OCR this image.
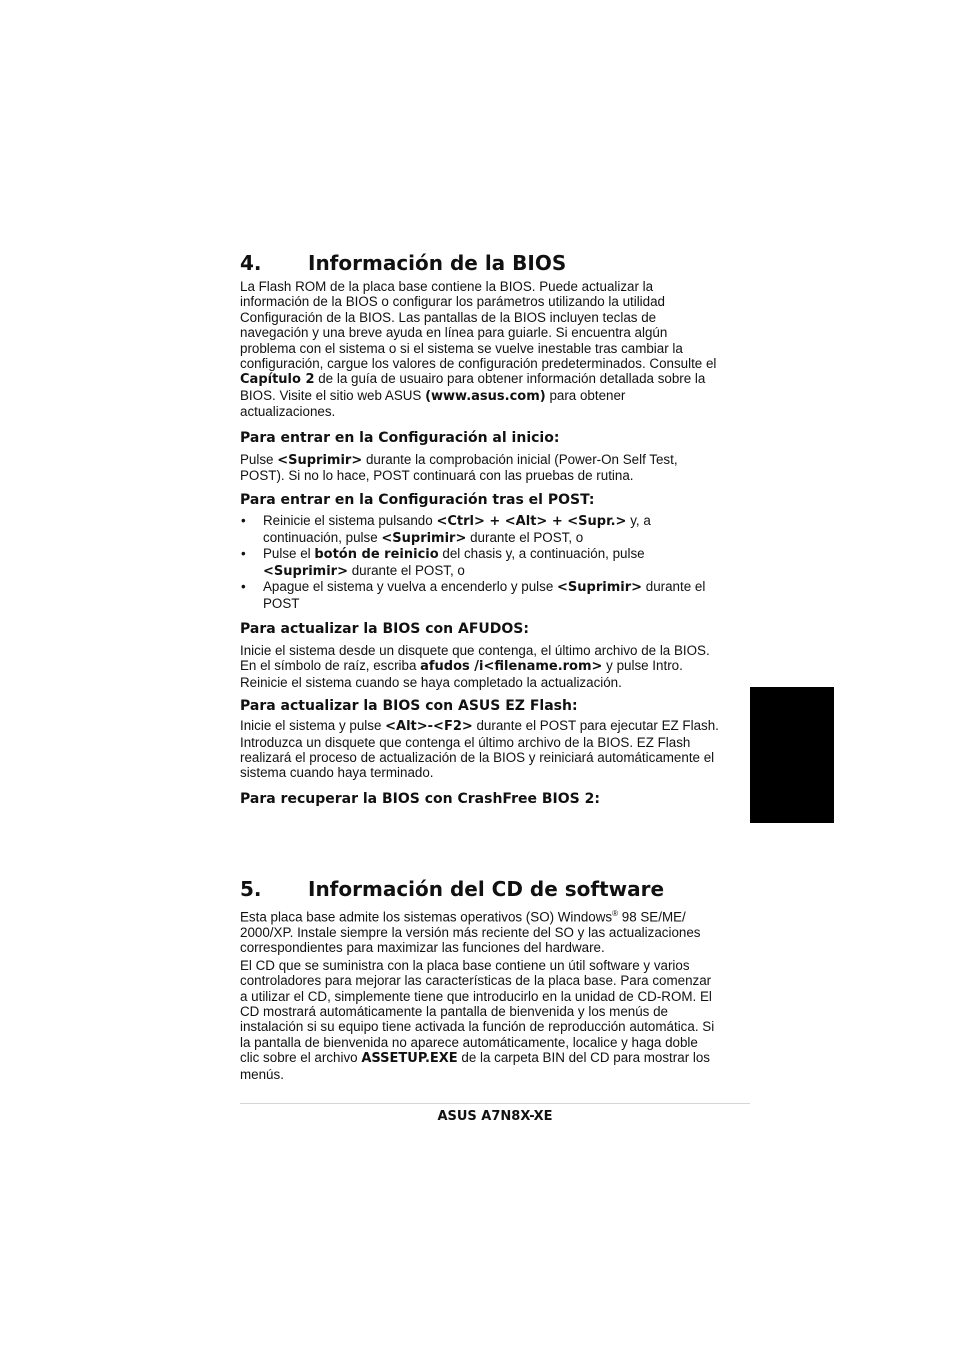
4.	Información de la BIOS

La Flash ROM de la placa base contiene la BIOS. Puede actualizar la información de la BIOS o configurar los parámetros utilizando la utilidad Configuración de la BIOS. Las pantallas de la BIOS incluyen teclas de navegación y una breve ayuda en línea para guiarle. Si encuentra algún problema con el sistema o si el sistema se vuelve inestable tras cambiar la configuración, cargue los valores de configuración predeterminados. Consulte el Capítulo 2 de la guía de usuairo para obtener información detallada sobre la BIOS. Visite el sitio web ASUS (www.asus.com) para obtener actualizaciones.

Para entrar en la Configuración al inicio:

Pulse <Suprimir> durante la comprobación inicial (Power-On Self Test, POST). Si no lo hace, POST continuará con las pruebas de rutina.

Para entrar en la Configuración tras el POST:
• Reinicie el sistema pulsando <Ctrl> + <Alt> + <Supr.> y, a continuación, pulse <Suprimir> durante el POST, o
• Pulse el botón de reinicio del chasis y, a continuación, pulse <Suprimir> durante el POST, o
• Apague el sistema y vuelva a encenderlo y pulse <Suprimir> durante el POST
Para actualizar la BIOS con AFUDOS:

Inicie el sistema desde un disquete que contenga, el último archivo de la BIOS. En el símbolo de raíz, escriba afudos /i<filename.rom> y pulse Intro. Reinicie el sistema cuando se haya completado la actualización.

Para actualizar la BIOS con ASUS EZ Flash:

Inicie el sistema y pulse <Alt>-<F2> durante el POST para ejecutar EZ Flash. Introduzca un disquete que contenga el último archivo de la BIOS. EZ Flash realizará el proceso de actualización de la BIOS y reiniciará automáticamente el sistema cuando haya terminado.

Para recuperar la BIOS con CrashFree BIOS 2:
5.	Información del CD de software

Esta placa base admite los sistemas operativos (SO) Windows® 98 SE/ME/ 2000/XP. Instale siempre la versión más reciente del SO y las actualizaciones correspondientes para maximizar las funciones del hardware.

El CD que se suministra con la placa base contiene un útil software y varios controladores para mejorar las características de la placa base. Para comenzar a utilizar el CD, simplemente tiene que introducirlo en la unidad de CD-ROM. El CD mostrará automáticamente la pantalla de bienvenida y los menús de instalación si su equipo tiene activada la función de reproducción automática. Si la pantalla de bienvenida no aparece automáticamente, localice y haga doble clic sobre el archivo ASSETUP.EXE de la carpeta BIN del CD para mostrar los menús.

ASUS A7N8X-XE
